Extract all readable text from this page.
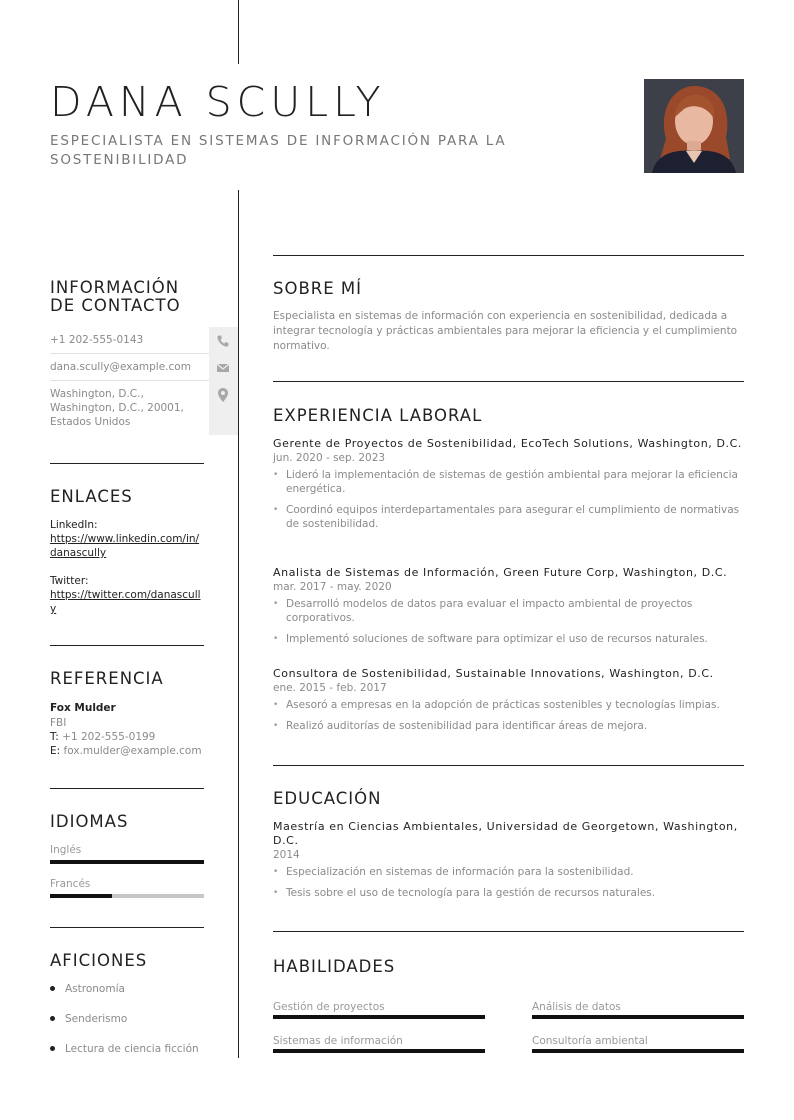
DANA SCULLY
ESPECIALISTA EN SISTEMAS DE INFORMACIÓN PARA LA SOSTENIBILIDAD
INFORMACIÓN DE CONTACTO
+1 202-555-0143
dana.scully@example.com
Washington, D.C., Washington, D.C., 20001, Estados Unidos
ENLACES
LinkedIn:
https://www.linkedin.com/in/danascully
Twitter:
https://twitter.com/danascully
REFERENCIA
Fox Mulder
FBI
T: +1 202-555-0199
E: fox.mulder@example.com
IDIOMAS
Inglés
Francés
AFICIONES
Astronomía
Senderismo
Lectura de ciencia ficción
SOBRE MÍ
Especialista en sistemas de información con experiencia en sostenibilidad, dedicada a integrar tecnología y prácticas ambientales para mejorar la eficiencia y el cumplimiento normativo.
EXPERIENCIA LABORAL
Gerente de Proyectos de Sostenibilidad, EcoTech Solutions, Washington, D.C.
jun. 2020 - sep. 2023
• Lideró la implementación de sistemas de gestión ambiental para mejorar la eficiencia energética.
• Coordinó equipos interdepartamentales para asegurar el cumplimiento de normativas de sostenibilidad.
Analista de Sistemas de Información, Green Future Corp, Washington, D.C.
mar. 2017 - may. 2020
• Desarrolló modelos de datos para evaluar el impacto ambiental de proyectos corporativos.
• Implementó soluciones de software para optimizar el uso de recursos naturales.
Consultora de Sostenibilidad, Sustainable Innovations, Washington, D.C.
ene. 2015 - feb. 2017
• Asesoró a empresas en la adopción de prácticas sostenibles y tecnologías limpias.
• Realizó auditorías de sostenibilidad para identificar áreas de mejora.
EDUCACIÓN
Maestría en Ciencias Ambientales, Universidad de Georgetown, Washington, D.C.
2014
• Especialización en sistemas de información para la sostenibilidad.
• Tesis sobre el uso de tecnología para la gestión de recursos naturales.
HABILIDADES
Gestión de proyectos	Análisis de datos
Sistemas de información	Consultoría ambiental
